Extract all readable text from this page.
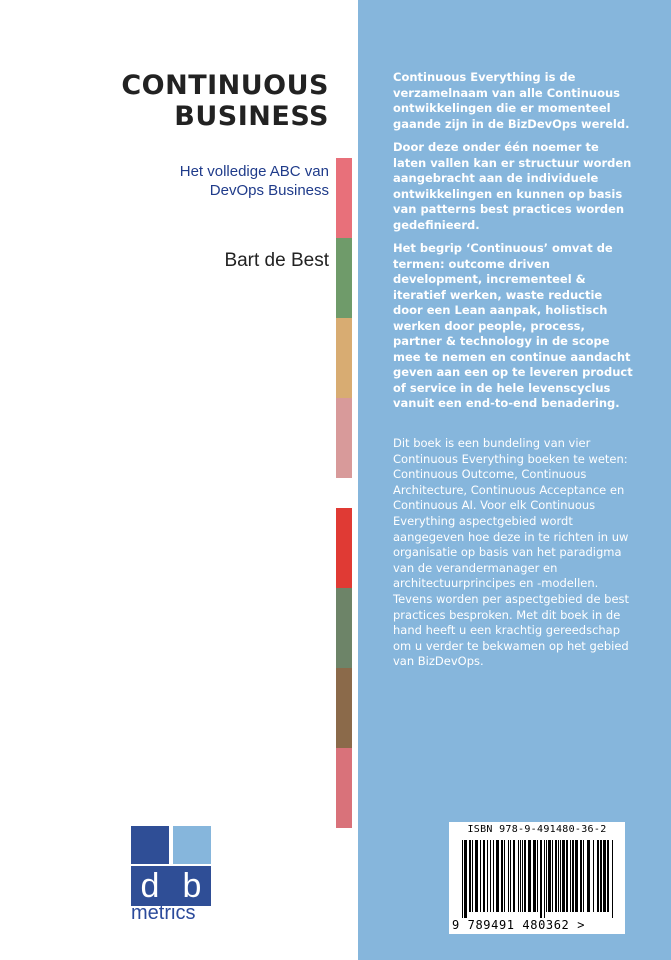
CONTINUOUS
BUSINESS
Het volledige ABC van
DevOps Business
Bart de Best

Continuous Everything is de verzamelnaam van alle Continuous ontwikkelingen die er momenteel gaande zijn in de BizDevOps wereld.

Door deze onder één noemer te laten vallen kan er structuur worden aangebracht aan de individuele ontwikkelingen en kunnen op basis van patterns best practices worden gedefinieerd.

Het begrip ‘Continuous’ omvat de termen: outcome driven development, incrementeel & iteratief werken, waste reductie door een Lean aanpak, holistisch werken door people, process, partner & technology in de scope mee te nemen en continue aandacht geven aan een op te leveren product of service in de hele levenscyclus vanuit een end-to-end benadering.

Dit boek is een bundeling van vier Continuous Everything boeken te weten: Continuous Outcome, Continuous Architecture, Continuous Acceptance en Continuous AI. Voor elk Continuous Everything aspectgebied wordt aangegeven hoe deze in te richten in uw organisatie op basis van het paradigma van de verandermanager en architectuurprincipes en -modellen. Tevens worden per aspectgebied de best practices besproken. Met dit boek in de hand heeft u een krachtig gereedschap om u verder te bekwamen op het gebied van BizDevOps.

d b
metrics
ISBN 978-9-491480-36-2
9 789491 480362 >
